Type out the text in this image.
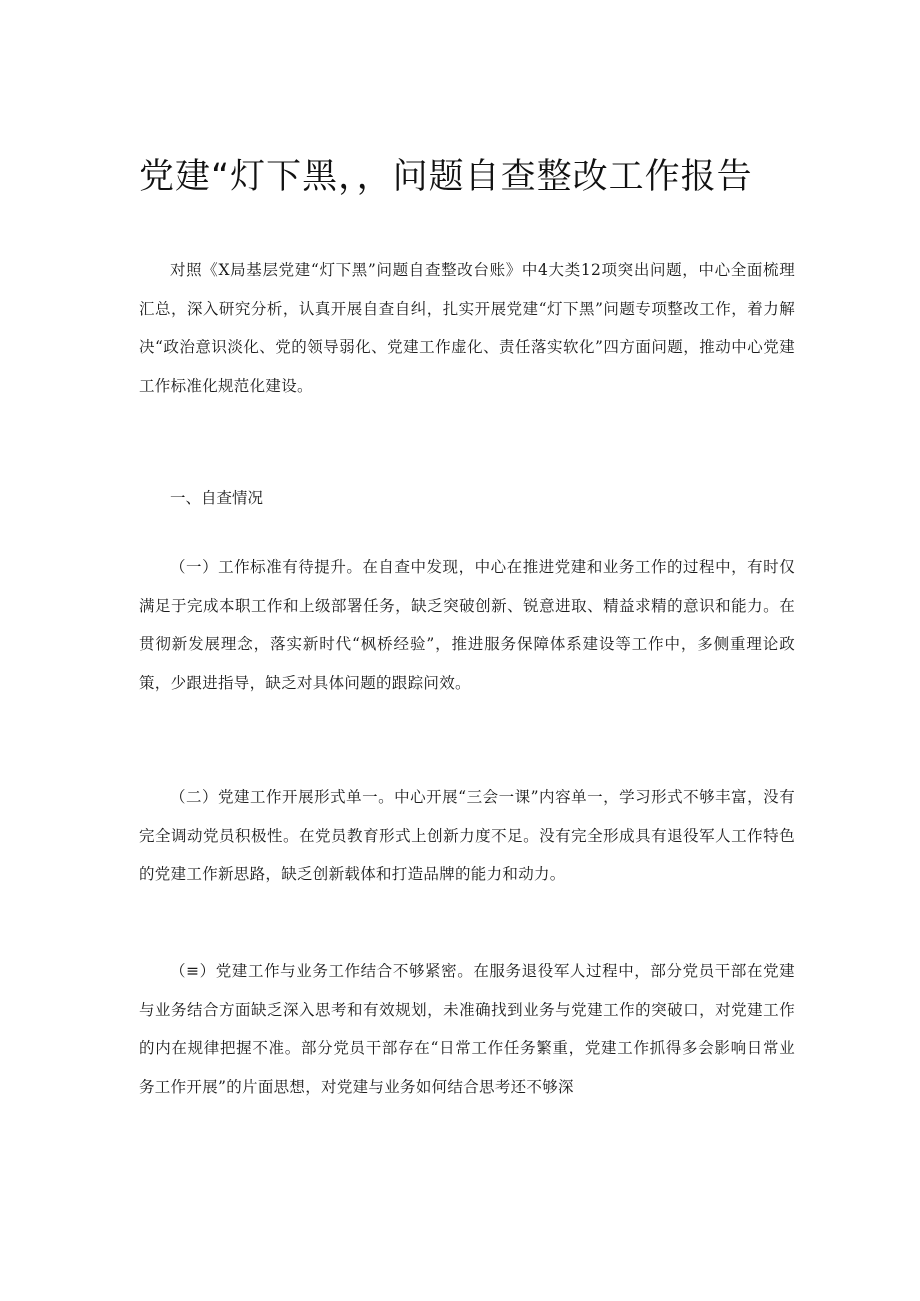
党建“灯下黑，，问题自查整改工作报告

对照《X局基层党建“灯下黑”问题自查整改台账》中4大类12项突出问题，中心全面梳理汇总，深入研究分析，认真开展自查自纠，扎实开展党建“灯下黑”问题专项整改工作，着力解决“政治意识淡化、党的领导弱化、党建工作虚化、责任落实软化”四方面问题，推动中心党建工作标准化规范化建设。

一、自查情况

（一）工作标准有待提升。在自查中发现，中心在推进党建和业务工作的过程中，有时仅满足于完成本职工作和上级部署任务，缺乏突破创新、锐意进取、精益求精的意识和能力。在贯彻新发展理念，落实新时代“枫桥经验”，推进服务保障体系建设等工作中，多侧重理论政策，少跟进指导，缺乏对具体问题的跟踪问效。

（二）党建工作开展形式单一。中心开展“三会一课”内容单一，学习形式不够丰富，没有完全调动党员积极性。在党员教育形式上创新力度不足。没有完全形成具有退役军人工作特色的党建工作新思路，缺乏创新载体和打造品牌的能力和动力。

（≡）党建工作与业务工作结合不够紧密。在服务退役军人过程中，部分党员干部在党建与业务结合方面缺乏深入思考和有效规划，未准确找到业务与党建工作的突破口，对党建工作的内在规律把握不准。部分党员干部存在“日常工作任务繁重，党建工作抓得多会影响日常业务工作开展”的片面思想，对党建与业务如何结合思考还不够深
